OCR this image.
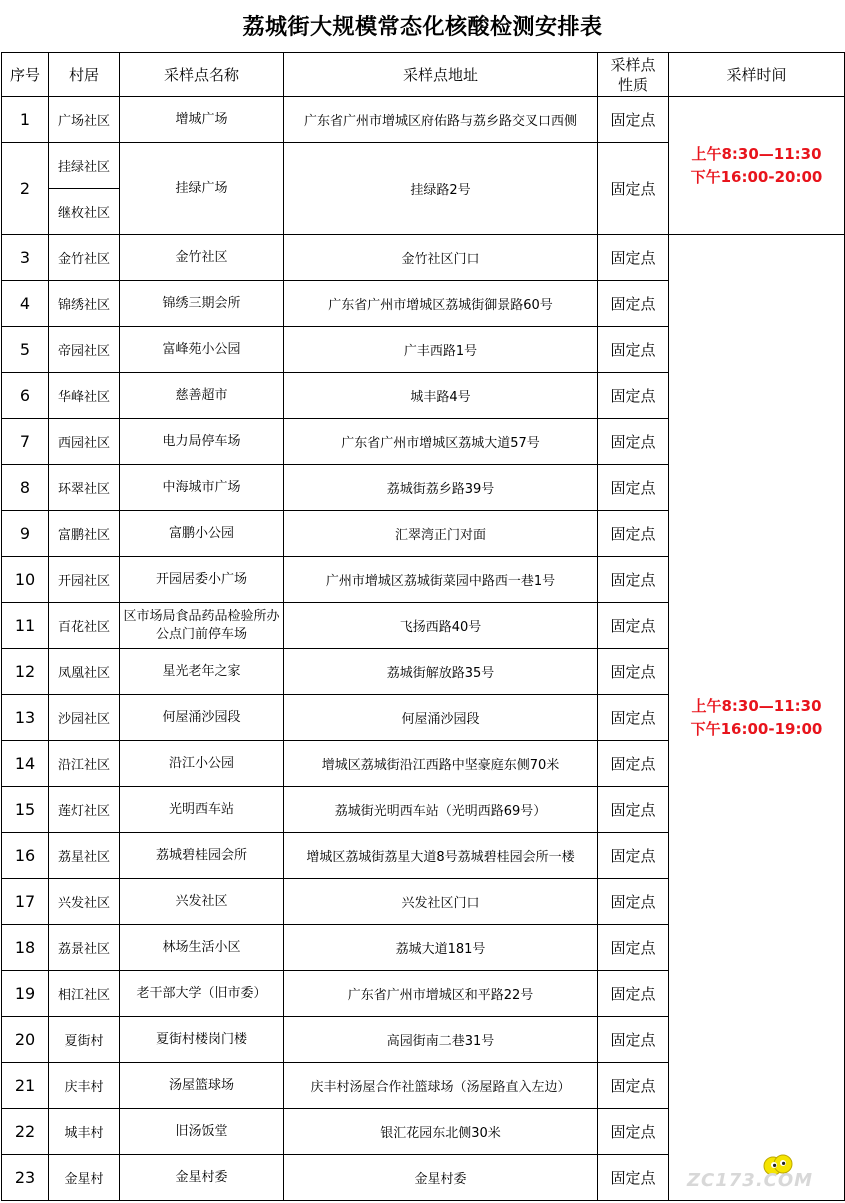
荔城街大规模常态化核酸检测安排表
序号	村居	采样点名称	采样点地址	采样点
性质	采样时间
1	广场社区	增城广场	广东省广州市增城区府佑路与荔乡路交叉口西侧	固定点	上午8:30—11:30
下午16:00-20:00

2	挂绿社区	挂绿广场	挂绿路2号	固定点	
	继枚社区				
3	金竹社区	金竹社区	金竹社区门口	固定点	上午8:30—11:30
下午16:00-19:00

4	锦绣社区	锦绣三期会所	广东省广州市增城区荔城街御景路60号	固定点	
5	帝园社区	富峰苑小公园	广丰西路1号	固定点	
6	华峰社区	慈善超市	城丰路4号	固定点	
7	西园社区	电力局停车场	广东省广州市增城区荔城大道57号	固定点	
8	环翠社区	中海城市广场	荔城街荔乡路39号	固定点	
9	富鹏社区	富鹏小公园	汇翠湾正门对面	固定点	
10	开园社区	开园居委小广场	广州市增城区荔城街菜园中路西一巷1号	固定点	
11	百花社区	区市场局食品药品检验所办公点门前停车场	飞扬西路40号	固定点	
12	凤凰社区	星光老年之家	荔城街解放路35号	固定点	
13	沙园社区	何屋涌沙园段	何屋涌沙园段	固定点	
14	沿江社区	沿江小公园	增城区荔城街沿江西路中坚豪庭东侧70米	固定点	
15	莲灯社区	光明西车站	荔城街光明西车站（光明西路69号）	固定点	
16	荔星社区	荔城碧桂园会所	增城区荔城街荔星大道8号荔城碧桂园会所一楼	固定点	
17	兴发社区	兴发社区	兴发社区门口	固定点	
18	荔景社区	林场生活小区	荔城大道181号	固定点	
19	相江社区	老干部大学（旧市委）	广东省广州市增城区和平路22号	固定点	
20	夏街村	夏街村楼岗门楼	高园街南二巷31号	固定点	
21	庆丰村	汤屋篮球场	庆丰村汤屋合作社篮球场（汤屋路直入左边）	固定点	
22	城丰村	旧汤饭堂	银汇花园东北侧30米	固定点	
23	金星村	金星村委	金星村委	固定点	ZC173.COM
